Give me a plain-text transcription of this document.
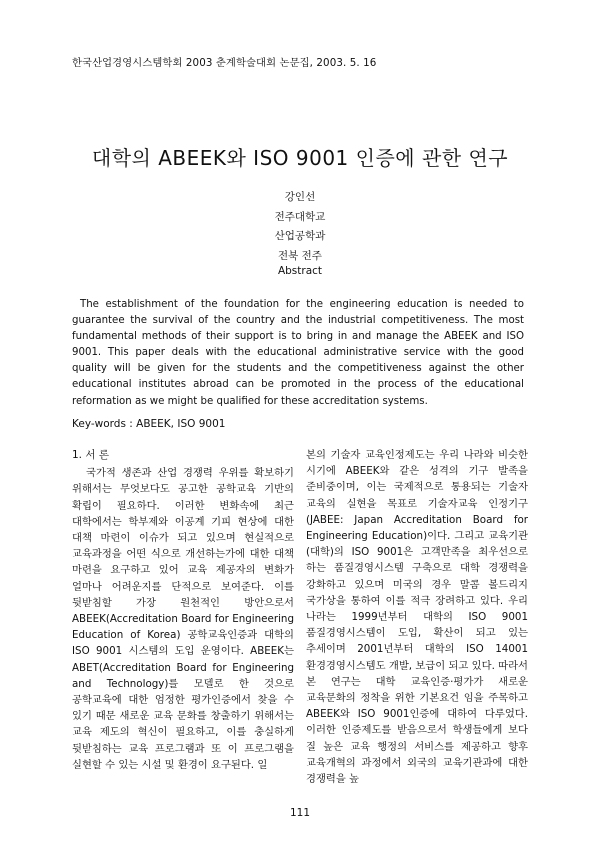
한국산업경영시스템학회 2003 춘계학술대회 논문집, 2003. 5. 16
대학의 ABEEK와 ISO 9001 인증에 관한 연구
강인선
전주대학교
산업공학과
전북 전주
Abstract

The establishment of the foundation for the engineering education is needed to guarantee the survival of the country and the industrial competitiveness. The most fundamental methods of their support is to bring in and manage the ABEEK and ISO 9001. This paper deals with the educational administrative service with the good quality will be given for the students and the competitiveness against the other educational institutes abroad can be promoted in the process of the educational reformation as we might be qualified for these accreditation systems.

Key-words : ABEEK, ISO 9001
1. 서 론

국가적 생존과 산업 경쟁력 우위를 확보하기 위해서는 무엇보다도 공고한 공학교육 기반의 확립이 필요하다. 이러한 변화속에 최근 대학에서는 학부제와 이공계 기피 현상에 대한 대책 마련이 이슈가 되고 있으며 현실적으로 교육과정을 어떤 식으로 개선하는가에 대한 대책 마련을 요구하고 있어 교육 제공자의 변화가 얼마나 어려운지를 단적으로 보여준다. 이를 뒷받침할 가장 원천적인 방안으로서 ABEEK(Accreditation Board for Engineering Education of Korea) 공학교육인증과 대학의 ISO 9001 시스템의 도입 운영이다. ABEEK는 ABET(Accreditation Board for Engineering and Technology)를 모델로 한 것으로 공학교육에 대한 엄정한 평가인증에서 찾을 수 있기 때문 새로운 교육 문화를 창출하기 위해서는 교육 제도의 혁신이 필요하고, 이를 충실하게 뒷받침하는 교육 프로그램과 또 이 프로그램을 실현할 수 있는 시설 및 환경이 요구된다. 일

본의 기술자 교육인정제도는 우리 나라와 비슷한 시기에 ABEEK와 같은 성격의 기구 발족을 준비중이며, 이는 국제적으로 통용되는 기술자 교육의 실현을 목표로 기술자교육 인정기구(JABEE: Japan Accreditation Board for Engineering Education)이다. 그리고 교육기관(대학)의 ISO 9001은 고객만족을 최우선으로 하는 품질경영시스템 구축으로 대학 경쟁력을 강화하고 있으며 미국의 경우 말콤 볼드리지 국가상을 통하여 이를 적극 장려하고 있다. 우리 나라는 1999년부터 대학의 ISO 9001 품질경영시스템이 도입, 확산이 되고 있는 추세이며 2001년부터 대학의 ISO 14001 환경경영시스템도 개발, 보급이 되고 있다. 따라서 본 연구는 대학 교육인증·평가가 새로운 교육문화의 정착을 위한 기본요건 임을 주목하고 ABEEK와 ISO 9001인증에 대하여 다루었다. 이러한 인증제도를 받음으로서 학생들에게 보다 질 높은 교육 행정의 서비스를 제공하고 향후 교육개혁의 과정에서 외국의 교육기관과에 대한 경쟁력을 높

111
